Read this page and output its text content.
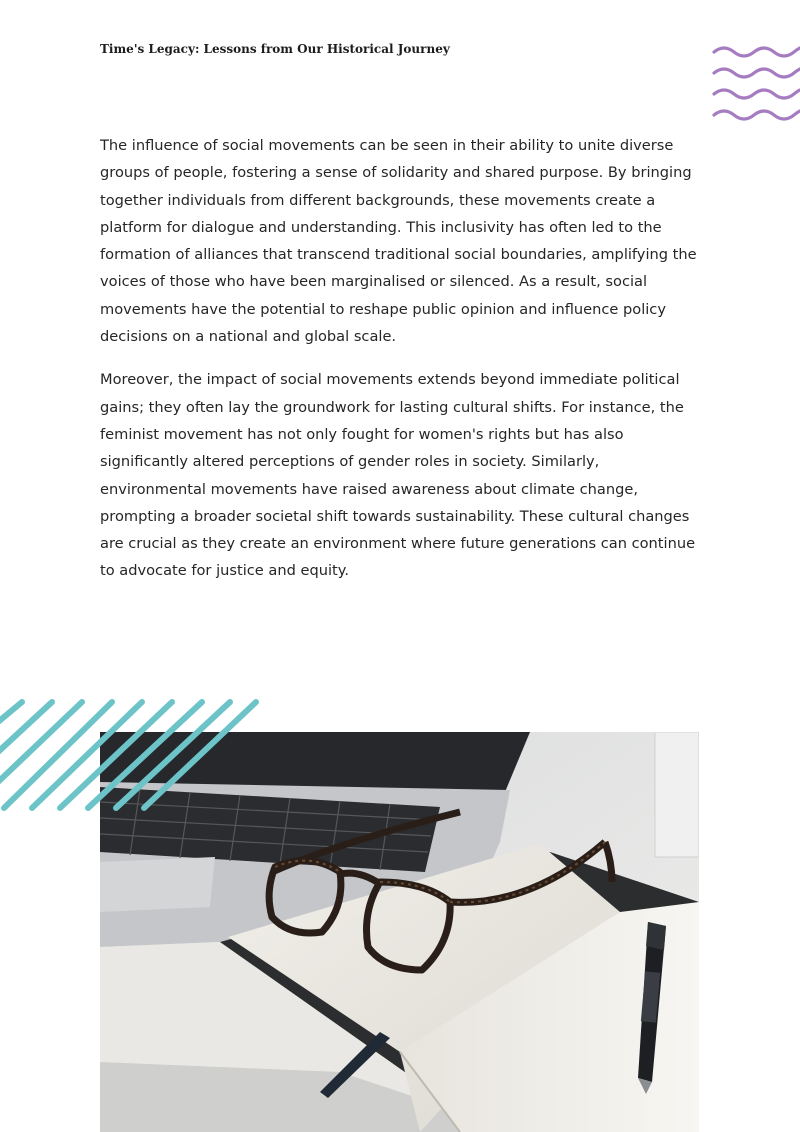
Time's Legacy: Lessons from Our Historical Journey

The influence of social movements can be seen in their ability to unite diverse groups of people, fostering a sense of solidarity and shared purpose. By bringing together individuals from different backgrounds, these movements create a platform for dialogue and understanding. This inclusivity has often led to the formation of alliances that transcend traditional social boundaries, amplifying the voices of those who have been marginalised or silenced. As a result, social movements have the potential to reshape public opinion and influence policy decisions on a national and global scale.

Moreover, the impact of social movements extends beyond immediate political gains; they often lay the groundwork for lasting cultural shifts. For instance, the feminist movement has not only fought for women's rights but has also significantly altered perceptions of gender roles in society. Similarly, environmental movements have raised awareness about climate change, prompting a broader societal shift towards sustainability. These cultural changes are crucial as they create an environment where future generations can continue to advocate for justice and equity.
